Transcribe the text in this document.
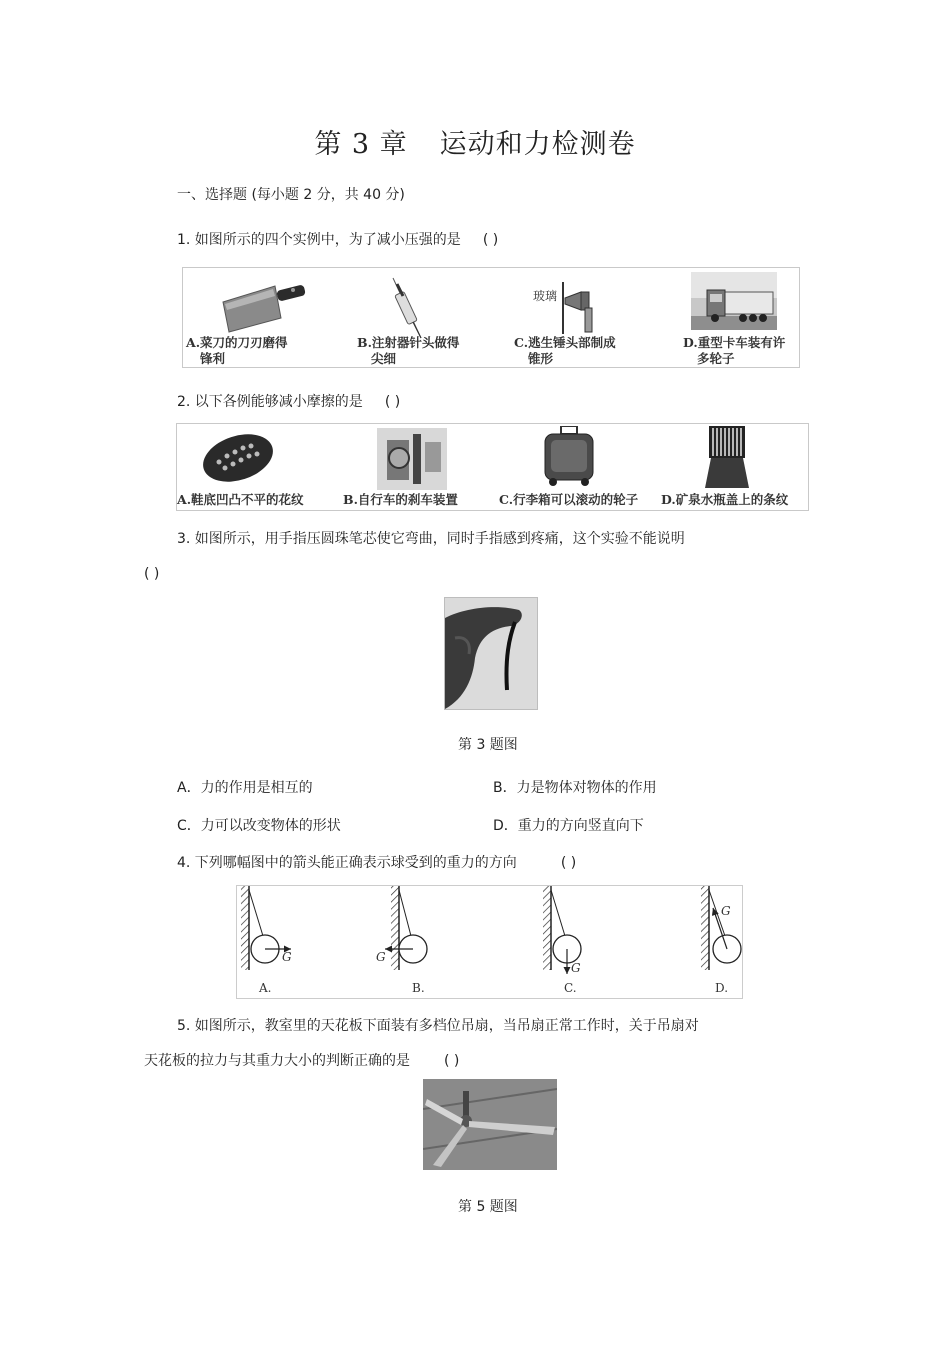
第 3 章 运动和力检测卷
一、选择题 (每小题 2 分，共 40 分)
1. 如图所示的四个实例中，为了减小压强的是 ( )
A.菜刀的刀刃磨得
锋利
B.注射器针头做得
尖细
玻璃
C.逃生锤头部制成
锥形
D.重型卡车装有许
多轮子
2. 以下各例能够减小摩擦的是 ( )
A.鞋底凹凸不平的花纹	B.自行车的刹车装置	C.行李箱可以滚动的轮子 D.矿泉水瓶盖上的条纹
3. 如图所示，用手指压圆珠笔芯使它弯曲，同时手指感到疼痛，这个实验不能说明
( )
第 3 题图
A．力的作用是相互的	B．力是物体对物体的作用
C．力可以改变物体的形状	D．重力的方向竖直向下
4. 下列哪幅图中的箭头能正确表示球受到的重力的方向	( )
G	G
G
G
A.	B.	C.	D.
5. 如图所示，教室里的天花板下面装有多档位吊扇，当吊扇正常工作时，关于吊扇对
天花板的拉力与其重力大小的判断正确的是 ( )
第 5 题图
